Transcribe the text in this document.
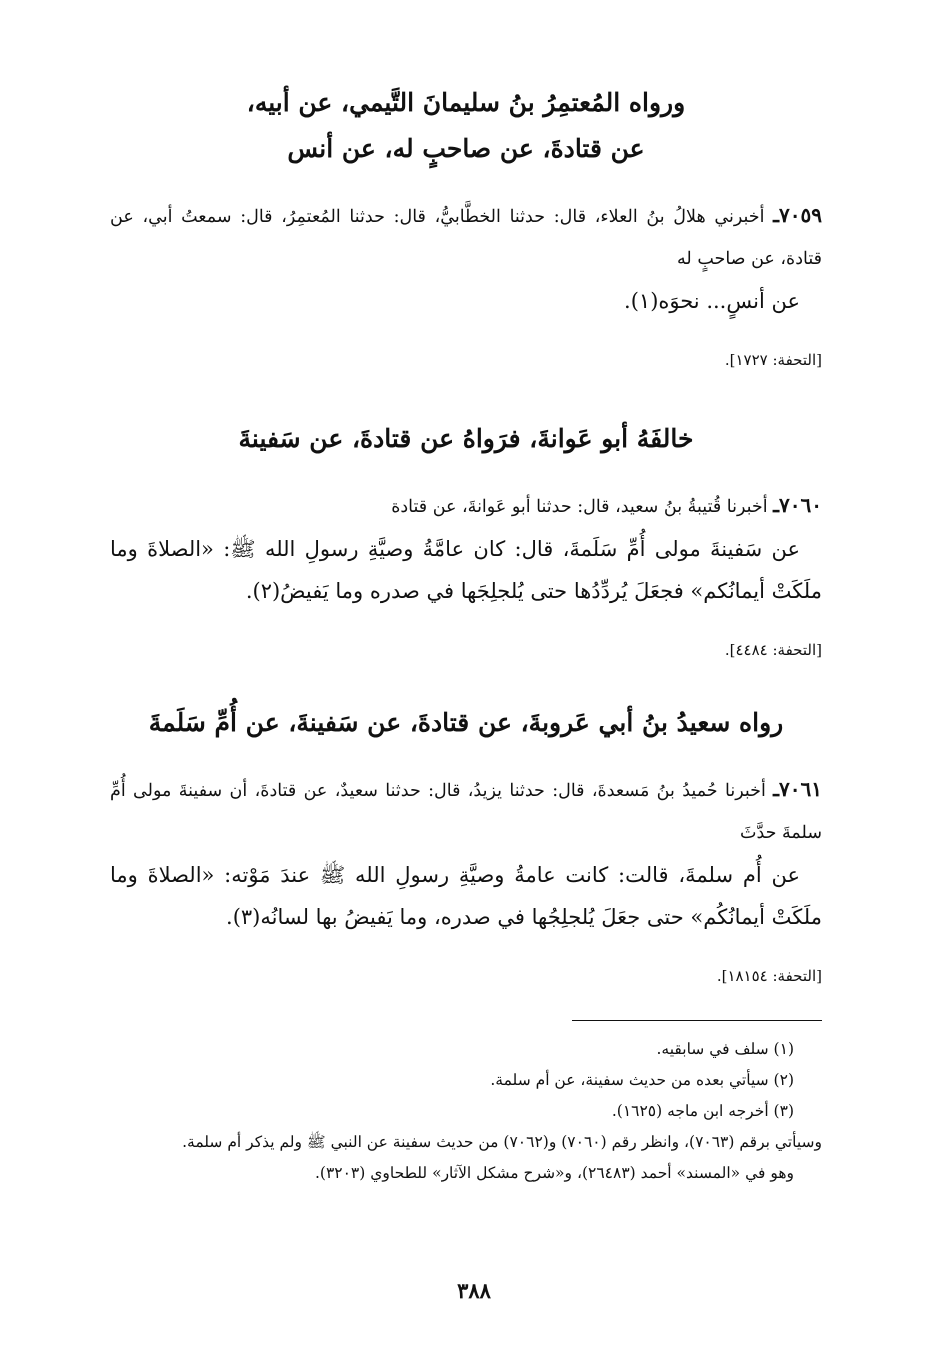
ورواه المُعتمِرُ بنُ سليمانَ التَّيمي، عن أبيه،
عن قتادةَ، عن صاحبٍ له، عن أنس

٧٠٥٩ـ أخبرني هلالُ بنُ العلاء، قال: حدثنا الخطَّابيُّ، قال: حدثنا المُعتمِرُ، قال: سمعتُ أبي، عن قتادة، عن صاحبٍ له
عن أنسٍ... نحوَه(١).
[التحفة: ١٧٢٧].

خالفَهُ أبو عَوانةَ، فرَواهُ عن قتادةَ، عن سَفينةَ

٧٠٦٠ـ أخبرنا قُتيبةُ بنُ سعيد، قال: حدثنا أبو عَوانةَ، عن قتادة
عن سَفينةَ مولى أُمِّ سَلَمةَ، قال: كان عامَّةُ وصيَّةِ رسولِ الله ﷺ: «الصلاةَ وما ملَكَتْ أيمانُكم» فجعَلَ يُردِّدُها حتى يُلجلِجَها في صدره وما يَفيضُ(٢).
[التحفة: ٤٤٨٤].

رواه سعيدُ بنُ أبي عَروبةَ، عن قتادةَ، عن سَفينةَ، عن أُمِّ سَلَمةَ

٧٠٦١ـ أخبرنا حُميدُ بنُ مَسعدةَ، قال: حدثنا يزيدُ، قال: حدثنا سعيدٌ، عن قتادةَ، أن سفينةَ مولى أُمِّ سلمةَ حدَّثَ
عن أُم سلمةَ، قالت: كانت عامةُ وصيَّةِ رسولِ الله ﷺ عندَ مَوْته: «الصلاةَ وما ملَكَتْ أيمانُكُم» حتى جعَلَ يُلجلِجُها في صدره، وما يَفيضُ بها لسانُه(٣).
[التحفة: ١٨١٥٤].
(١) سلف في سابقيه.
(٢) سيأتي بعده من حديث سفينة، عن أم سلمة.
(٣) أخرجه ابن ماجه (١٦٢٥).
وسيأتي برقم (٧٠٦٣)، وانظر رقم (٧٠٦٠) و(٧٠٦٢) من حديث سفينة عن النبي ﷺ ولم يذكر أم سلمة.
وهو في «المسند» أحمد (٢٦٤٨٣)، و«شرح مشكل الآثار» للطحاوي (٣٢٠٣).
٣٨٨
